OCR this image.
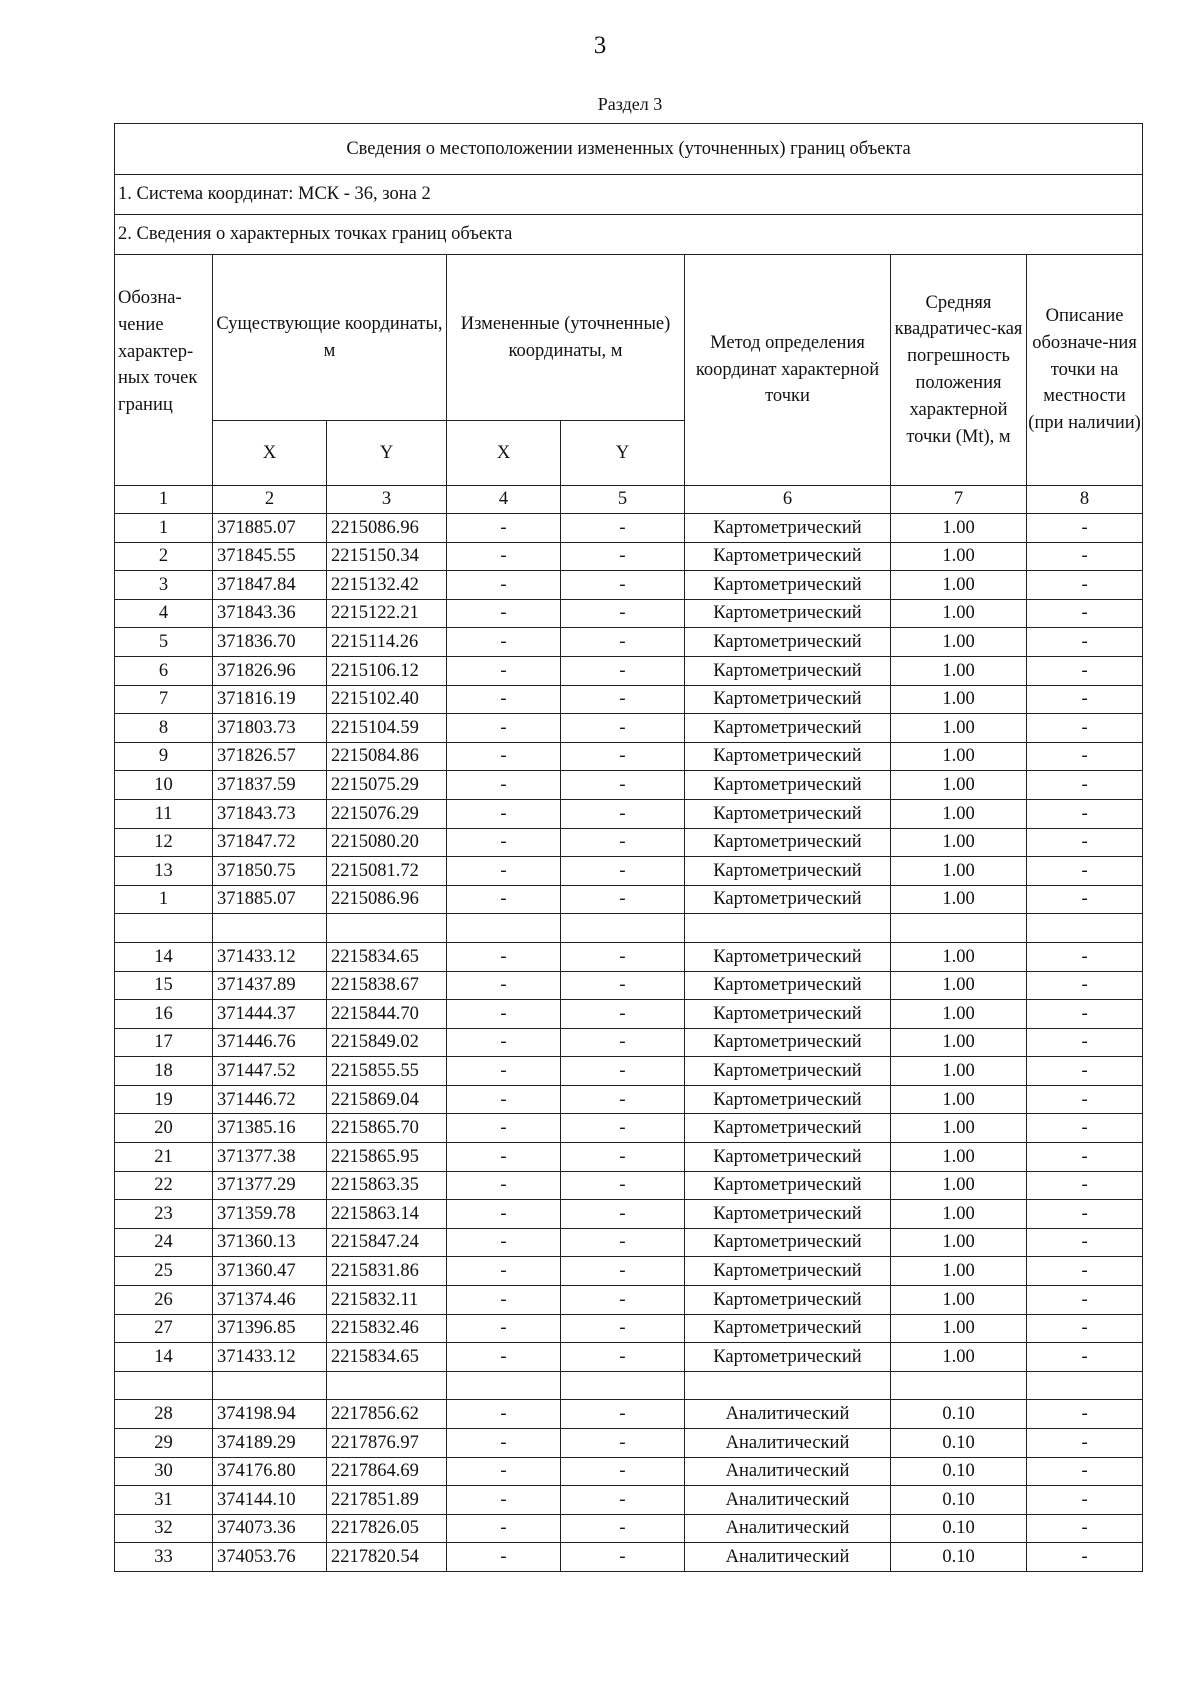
3
Раздел 3
Сведения о местоположении измененных (уточненных) границ объекта							
1. Система координат: МСК - 36, зона 2							
2. Сведения о характерных точках границ объекта							
Обозна-чение характер-ных точек границ	Существующие координаты, м		Измененные (уточненные) координаты, м		Метод определения координат характерной точки	Средняя квадратичес-кая погрешность положения характерной точки (Mt), м	Описание обозначе-ния точки на местности (при наличии)
	X	Y	X	Y			
1	2	3	4	5	6	7	8
1	371885.07	2215086.96	-	-	Картометрический	1.00	-
2	371845.55	2215150.34	-	-	Картометрический	1.00	-
3	371847.84	2215132.42	-	-	Картометрический	1.00	-
4	371843.36	2215122.21	-	-	Картометрический	1.00	-
5	371836.70	2215114.26	-	-	Картометрический	1.00	-
6	371826.96	2215106.12	-	-	Картометрический	1.00	-
7	371816.19	2215102.40	-	-	Картометрический	1.00	-
8	371803.73	2215104.59	-	-	Картометрический	1.00	-
9	371826.57	2215084.86	-	-	Картометрический	1.00	-
10	371837.59	2215075.29	-	-	Картометрический	1.00	-
11	371843.73	2215076.29	-	-	Картометрический	1.00	-
12	371847.72	2215080.20	-	-	Картометрический	1.00	-
13	371850.75	2215081.72	-	-	Картометрический	1.00	-
1	371885.07	2215086.96	-	-	Картометрический	1.00	-

14	371433.12	2215834.65	-	-	Картометрический	1.00	-
15	371437.89	2215838.67	-	-	Картометрический	1.00	-
16	371444.37	2215844.70	-	-	Картометрический	1.00	-
17	371446.76	2215849.02	-	-	Картометрический	1.00	-
18	371447.52	2215855.55	-	-	Картометрический	1.00	-
19	371446.72	2215869.04	-	-	Картометрический	1.00	-
20	371385.16	2215865.70	-	-	Картометрический	1.00	-
21	371377.38	2215865.95	-	-	Картометрический	1.00	-
22	371377.29	2215863.35	-	-	Картометрический	1.00	-
23	371359.78	2215863.14	-	-	Картометрический	1.00	-
24	371360.13	2215847.24	-	-	Картометрический	1.00	-
25	371360.47	2215831.86	-	-	Картометрический	1.00	-
26	371374.46	2215832.11	-	-	Картометрический	1.00	-
27	371396.85	2215832.46	-	-	Картометрический	1.00	-
14	371433.12	2215834.65	-	-	Картометрический	1.00	-

28	374198.94	2217856.62	-	-	Аналитический	0.10	-
29	374189.29	2217876.97	-	-	Аналитический	0.10	-
30	374176.80	2217864.69	-	-	Аналитический	0.10	-
31	374144.10	2217851.89	-	-	Аналитический	0.10	-
32	374073.36	2217826.05	-	-	Аналитический	0.10	-
33	374053.76	2217820.54	-	-	Аналитический	0.10	-
